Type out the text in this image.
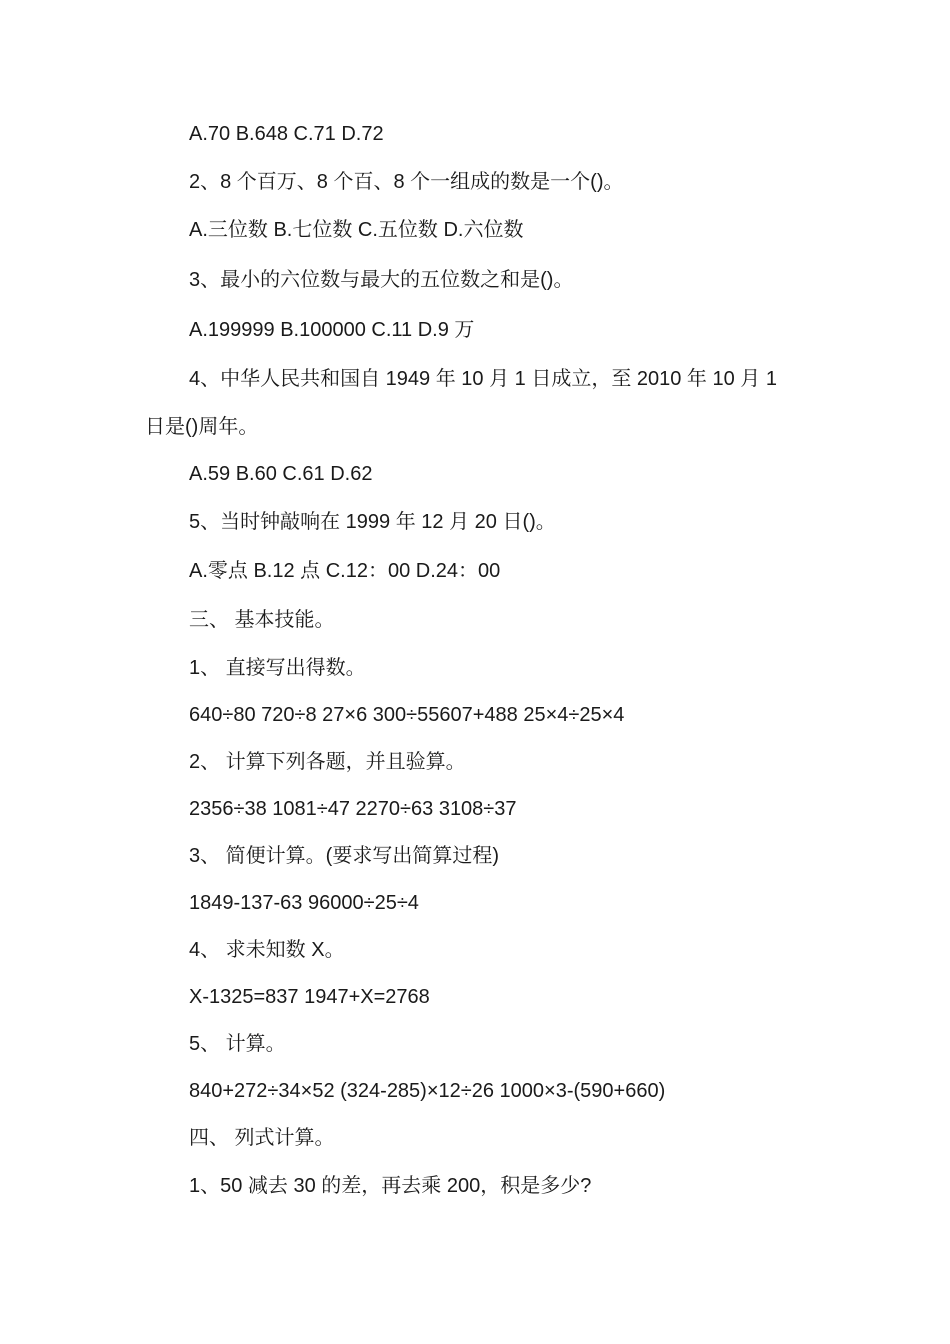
A.70 B.648 C.71 D.72
2、8 个百万、8 个百、8 个一组成的数是一个()。
A.三位数 B.七位数 C.五位数 D.六位数
3、最小的六位数与最大的五位数之和是()。
A.199999 B.100000 C.11 D.9 万
4、中华人民共和国自 1949 年 10 月 1 日成立，至 2010 年 10 月 1
日是()周年。
A.59 B.60 C.61 D.62
5、当时钟敲响在 1999 年 12 月 20 日()。
A.零点 B.12 点 C.12：00 D.24：00
三、 基本技能。
1、 直接写出得数。
640÷80 720÷8 27×6 300÷55607+488 25×4÷25×4
2、 计算下列各题，并且验算。
2356÷38 1081÷47 2270÷63 3108÷37
3、 简便计算。(要求写出简算过程)
1849-137-63 96000÷25÷4
4、 求未知数 X。
X-1325=837 1947+X=2768
5、 计算。
840+272÷34×52 (324-285)×12÷26 1000×3-(590+660)
四、 列式计算。
1、50 减去 30 的差，再去乘 200，积是多少?
